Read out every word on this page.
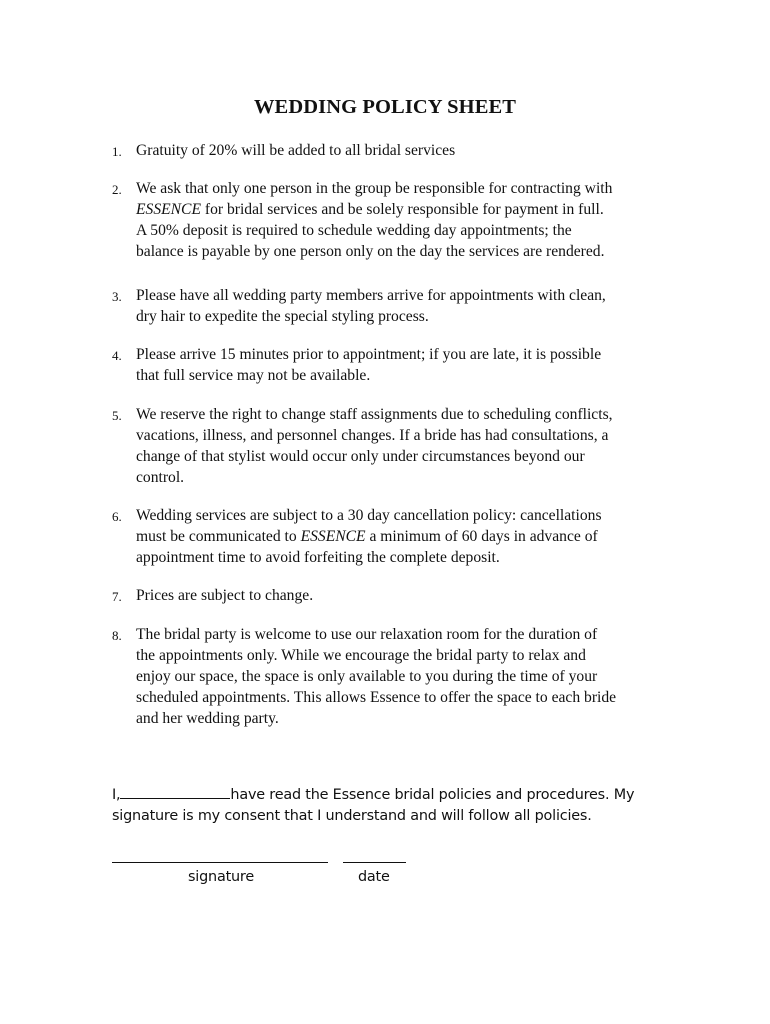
WEDDING POLICY SHEET
1. Gratuity of 20% will be added to all bridal services
2. We ask that only one person in the group be responsible for contracting with
ESSENCE for bridal services and be solely responsible for payment in full.
A 50% deposit is required to schedule wedding day appointments; the
balance is payable by one person only on the day the services are rendered.
3. Please have all wedding party members arrive for appointments with clean,
dry hair to expedite the special styling process.
4. Please arrive 15 minutes prior to appointment; if you are late, it is possible
that full service may not be available.
5. We reserve the right to change staff assignments due to scheduling conflicts,
vacations, illness, and personnel changes. If a bride has had consultations, a
change of that stylist would occur only under circumstances beyond our
control.
6. Wedding services are subject to a 30 day cancellation policy: cancellations
must be communicated to ESSENCE a minimum of 60 days in advance of
appointment time to avoid forfeiting the complete deposit.
7. Prices are subject to change.
8. The bridal party is welcome to use our relaxation room for the duration of
the appointments only. While we encourage the bridal party to relax and
enjoy our space, the space is only available to you during the time of your
scheduled appointments. This allows Essence to offer the space to each bride
and her wedding party.
I,	have read the Essence bridal policies and procedures. My
signature is my consent that I understand and will follow all policies.
signature	date
